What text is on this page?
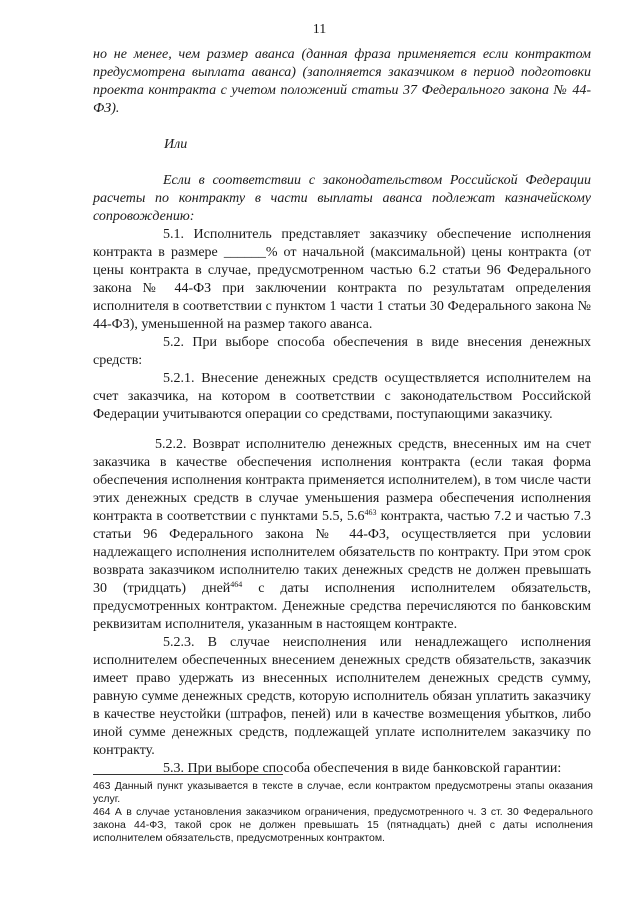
11

но не менее, чем размер аванса (данная фраза применяется если контрактом предусмотрена выплата аванса) (заполняется заказчиком в период подготовки проекта контракта с учетом положений статьи 37 Федерального закона № 44-ФЗ).

Или

Если в соответствии с законодательством Российской Федерации расчеты по контракту в части выплаты аванса подлежат казначейскому сопровождению:

5.1. Исполнитель представляет заказчику обеспечение исполнения контракта в размере ______% от начальной (максимальной) цены контракта (от цены контракта в случае, предусмотренном частью 6.2 статьи 96 Федерального закона № 44-ФЗ при заключении контракта по результатам определения исполнителя в соответствии с пунктом 1 части 1 статьи 30 Федерального закона № 44-ФЗ), уменьшенной на размер такого аванса.

5.2. При выборе способа обеспечения в виде внесения денежных средств:

5.2.1. Внесение денежных средств осуществляется исполнителем на счет заказчика, на котором в соответствии с законодательством Российской Федерации учитываются операции со средствами, поступающими заказчику.

5.2.2. Возврат исполнителю денежных средств, внесенных им на счет заказчика в качестве обеспечения исполнения контракта (если такая форма обеспечения исполнения контракта применяется исполнителем), в том числе части этих денежных средств в случае уменьшения размера обеспечения исполнения контракта в соответствии с пунктами 5.5, $5.6^{463}$ контракта, частью 7.2 и частью 7.3 статьи 96 Федерального закона № 44-ФЗ, осуществляется при условии надлежащего исполнения исполнителем обязательств по контракту. При этом срок возврата заказчиком исполнителю таких денежных средств не должен превышать 30 (тридцать) дней$^{464}$ с даты исполнения исполнителем обязательств, предусмотренных контрактом. Денежные средства перечисляются по банковским реквизитам исполнителя, указанным в настоящем контракте.

5.2.3. В случае неисполнения или ненадлежащего исполнения исполнителем обеспеченных внесением денежных средств обязательств, заказчик имеет право удержать из внесенных исполнителем денежных средств сумму, равную сумме денежных средств, которую исполнитель обязан уплатить заказчику в качестве неустойки (штрафов, пеней) или в качестве возмещения убытков, либо иной сумме денежных средств, подлежащей уплате исполнителем заказчику по контракту.

5.3. При выборе способа обеспечения в виде банковской гарантии:

463 Данный пункт указывается в тексте в случае, если контрактом предусмотрены этапы оказания услуг.

464 А в случае установления заказчиком ограничения, предусмотренного ч. 3 ст. 30 Федерального закона 44-ФЗ, такой срок не должен превышать 15 (пятнадцать) дней с даты исполнения исполнителем обязательств, предусмотренных контрактом.
